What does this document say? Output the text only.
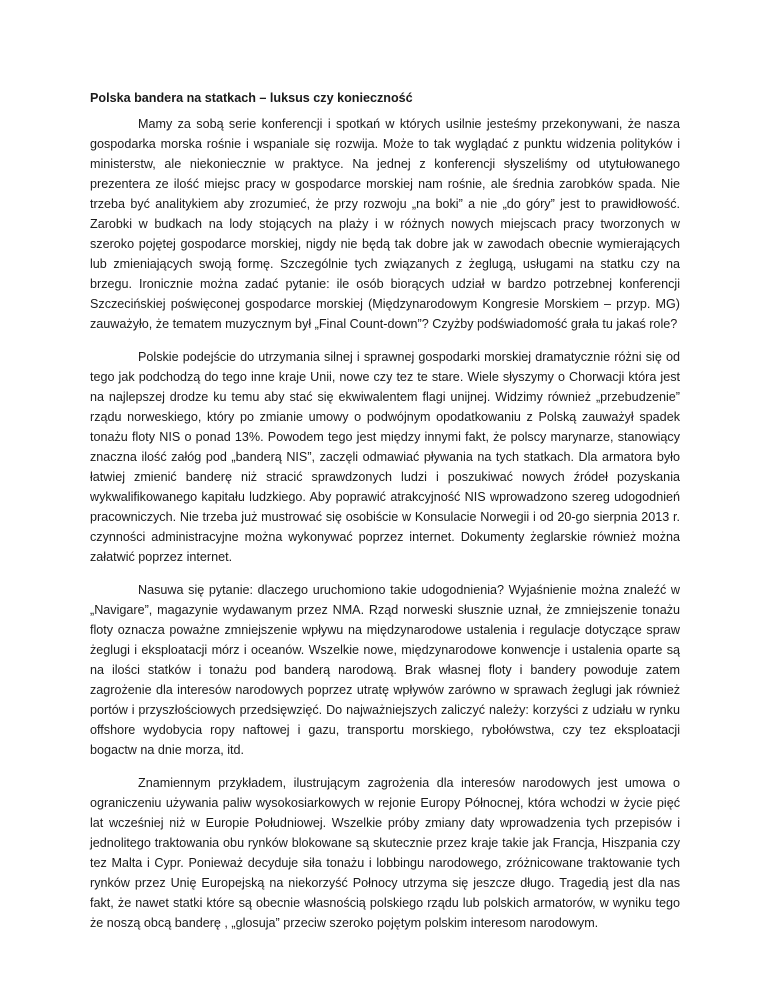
Polska bandera na statkach – luksus czy konieczność

Mamy za sobą serie konferencji i spotkań w których usilnie jesteśmy przekonywani, że nasza gospodarka morska rośnie i wspaniale się rozwija. Może to tak wyglądać z punktu widzenia polityków i ministerstw, ale niekoniecznie w praktyce. Na jednej z konferencji słyszeliśmy od utytułowanego prezentera ze ilość miejsc pracy w gospodarce morskiej nam rośnie, ale średnia zarobków spada. Nie trzeba być analitykiem aby zrozumieć, że przy rozwoju „na boki” a nie „do góry” jest to prawidłowość. Zarobki w budkach na lody stojących na plaży i w różnych nowych miejscach pracy tworzonych w szeroko pojętej gospodarce morskiej, nigdy nie będą tak dobre jak w zawodach obecnie wymierających lub zmieniających swoją formę. Szczególnie tych związanych z żeglugą, usługami na statku czy na brzegu. Ironicznie można zadać pytanie: ile osób biorących udział w bardzo potrzebnej konferencji Szczecińskiej poświęconej gospodarce morskiej (Międzynarodowym Kongresie Morskiem – przyp. MG) zauważyło, że tematem muzycznym był „Final Count-down”? Czyżby podświadomość grała tu jakaś role?

Polskie podejście do utrzymania silnej i sprawnej gospodarki morskiej dramatycznie różni się od tego jak podchodzą do tego inne kraje Unii, nowe czy tez te stare. Wiele słyszymy o Chorwacji która jest na najlepszej drodze ku temu aby stać się ekwiwalentem flagi unijnej. Widzimy również „przebudzenie” rządu norweskiego, który po zmianie umowy o podwójnym opodatkowaniu z Polską zauważył spadek tonażu floty NIS o ponad 13%. Powodem tego jest między innymi fakt, że polscy marynarze, stanowiący znaczna ilość załóg pod „banderą NIS”, zaczęli odmawiać pływania na tych statkach. Dla armatora było łatwiej zmienić banderę niż stracić sprawdzonych ludzi i poszukiwać nowych źródeł pozyskania wykwalifikowanego kapitału ludzkiego. Aby poprawić atrakcyjność NIS wprowadzono szereg udogodnień pracowniczych. Nie trzeba już mustrować się osobiście w Konsulacie Norwegii i od 20-go sierpnia 2013 r. czynności administracyjne można wykonywać poprzez internet. Dokumenty żeglarskie również można załatwić poprzez internet.

Nasuwa się pytanie: dlaczego uruchomiono takie udogodnienia? Wyjaśnienie można znaleźć w „Navigare”, magazynie wydawanym przez NMA. Rząd norweski słusznie uznał, że zmniejszenie tonażu floty oznacza poważne zmniejszenie wpływu na międzynarodowe ustalenia i regulacje dotyczące spraw żeglugi i eksploatacji mórz i oceanów. Wszelkie nowe, międzynarodowe konwencje i ustalenia oparte są na ilości statków i tonażu pod banderą narodową. Brak własnej floty i bandery powoduje zatem zagrożenie dla interesów narodowych poprzez utratę wpływów zarówno w sprawach żeglugi jak również portów i przyszłościowych przedsięwzięć. Do najważniejszych zaliczyć należy: korzyści z udziału w rynku offshore wydobycia ropy naftowej i gazu, transportu morskiego, rybołówstwa, czy tez eksploatacji bogactw na dnie morza, itd.

Znamiennym przykładem, ilustrującym zagrożenia dla interesów narodowych jest umowa o ograniczeniu używania paliw wysokosiarkowych w rejonie Europy Północnej, która wchodzi w życie pięć lat wcześniej niż w Europie Południowej. Wszelkie próby zmiany daty wprowadzenia tych przepisów i jednolitego traktowania obu rynków blokowane są skutecznie przez kraje takie jak Francja, Hiszpania czy tez Malta i Cypr. Ponieważ decyduje siła tonażu i lobbingu narodowego, zróżnicowane traktowanie tych rynków przez Unię Europejską na niekorzyść Połnocy utrzyma się jeszcze długo. Tragedią jest dla nas fakt, że nawet statki które są obecnie własnością polskiego rządu lub polskich armatorów, w wyniku tego że noszą obcą banderę , „glosuja” przeciw szeroko pojętym polskim interesom narodowym.
